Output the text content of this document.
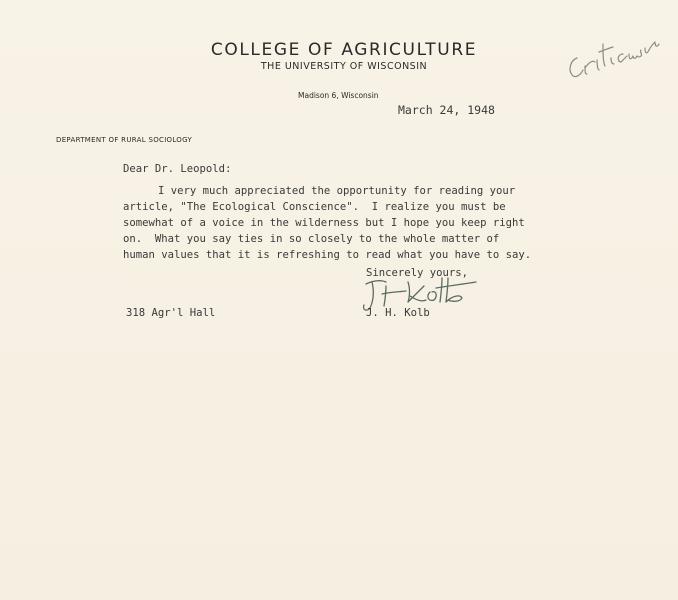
COLLEGE OF AGRICULTURE
THE UNIVERSITY OF WISCONSIN
Madison 6, Wisconsin
March 24, 1948
DEPARTMENT OF RURAL SOCIOLOGY
Dear Dr. Leopold:
I very much appreciated the opportunity for reading your
article, "The Ecological Conscience".  I realize you must be
somewhat of a voice in the wilderness but I hope you keep right
on.  What you say ties in so closely to the whole matter of
human values that it is refreshing to read what you have to say.
Sincerely yours,
318 Agr'l Hall	J. H. Kolb
